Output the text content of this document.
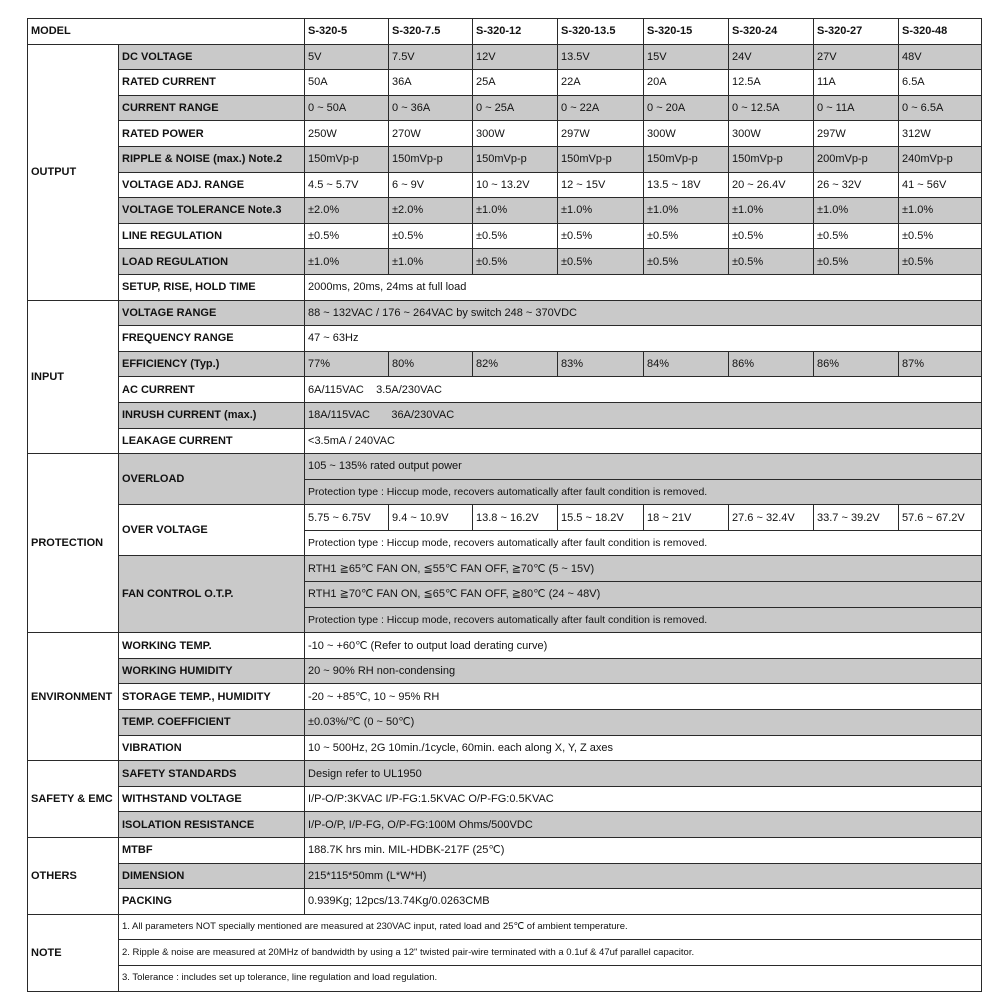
MODEL		S-320-5	S-320-7.5	S-320-12	S-320-13.5	S-320-15	S-320-24	S-320-27	S-320-48
OUTPUT	DC VOLTAGE	5V	7.5V	12V	13.5V	15V	24V	27V	48V
	RATED CURRENT	50A	36A	25A	22A	20A	12.5A	11A	6.5A
	CURRENT RANGE	0 ~ 50A	0 ~ 36A	0 ~ 25A	0 ~ 22A	0 ~ 20A	0 ~ 12.5A	0 ~ 11A	0 ~ 6.5A
	RATED POWER	250W	270W	300W	297W	300W	300W	297W	312W
	RIPPLE & NOISE (max.) Note.2	150mVp-p	150mVp-p	150mVp-p	150mVp-p	150mVp-p	150mVp-p	200mVp-p	240mVp-p
	VOLTAGE ADJ. RANGE	4.5 ~ 5.7V	6 ~ 9V	10 ~ 13.2V	12 ~ 15V	13.5 ~ 18V	20 ~ 26.4V	26 ~ 32V	41 ~ 56V
	VOLTAGE TOLERANCE Note.3	±2.0%	±2.0%	±1.0%	±1.0%	±1.0%	±1.0%	±1.0%	±1.0%
	LINE REGULATION	±0.5%	±0.5%	±0.5%	±0.5%	±0.5%	±0.5%	±0.5%	±0.5%
	LOAD REGULATION	±1.0%	±1.0%	±0.5%	±0.5%	±0.5%	±0.5%	±0.5%	±0.5%
	SETUP, RISE, HOLD TIME	2000ms, 20ms, 24ms at full load							
INPUT	VOLTAGE RANGE	88 ~ 132VAC / 176 ~ 264VAC by switch 248 ~ 370VDC							
	FREQUENCY RANGE	47 ~ 63Hz							
	EFFICIENCY (Typ.)	77%	80%	82%	83%	84%	86%	86%	87%
	AC CURRENT	6A/115VAC    3.5A/230VAC							
	INRUSH CURRENT (max.)	18A/115VAC       36A/230VAC							
	LEAKAGE CURRENT	<3.5mA / 240VAC							
PROTECTION	OVERLOAD	105 ~ 135% rated output power							
		Protection type : Hiccup mode, recovers automatically after fault condition is removed.							
	OVER VOLTAGE	5.75 ~ 6.75V	9.4 ~ 10.9V	13.8 ~ 16.2V	15.5 ~ 18.2V	18 ~ 21V	27.6 ~ 32.4V	33.7 ~ 39.2V	57.6 ~ 67.2V
		Protection type : Hiccup mode, recovers automatically after fault condition is removed.							
	FAN CONTROL O.T.P.	RTH1 ≧65℃ FAN ON, ≦55℃ FAN OFF, ≧70℃ (5 ~ 15V)							
		RTH1 ≧70℃ FAN ON, ≦65℃ FAN OFF, ≧80℃ (24 ~ 48V)							
		Protection type : Hiccup mode, recovers automatically after fault condition is removed.							
ENVIRONMENT	WORKING TEMP.	-10 ~ +60℃ (Refer to output load derating curve)							
	WORKING HUMIDITY	20 ~ 90% RH non-condensing							
	STORAGE TEMP., HUMIDITY	-20 ~ +85℃, 10 ~ 95% RH							
	TEMP. COEFFICIENT	±0.03%/℃ (0 ~ 50℃)							
	VIBRATION	10 ~ 500Hz, 2G 10min./1cycle, 60min. each along X, Y, Z axes							
SAFETY & EMC	SAFETY STANDARDS	Design refer to UL1950							
	WITHSTAND VOLTAGE	I/P-O/P:3KVAC I/P-FG:1.5KVAC O/P-FG:0.5KVAC							
	ISOLATION RESISTANCE	I/P-O/P, I/P-FG, O/P-FG:100M Ohms/500VDC							
OTHERS	MTBF	188.7K hrs min. MIL-HDBK-217F (25℃)							
	DIMENSION	215*115*50mm (L*W*H)							
	PACKING	0.939Kg; 12pcs/13.74Kg/0.0263CMB							
NOTE	1. All parameters NOT specially mentioned are measured at 230VAC input, rated load and 25℃ of ambient temperature.								
	2. Ripple & noise are measured at 20MHz of bandwidth by using a 12" twisted pair-wire terminated with a 0.1uf & 47uf parallel capacitor.								
	3. Tolerance : includes set up tolerance, line regulation and load regulation.								
